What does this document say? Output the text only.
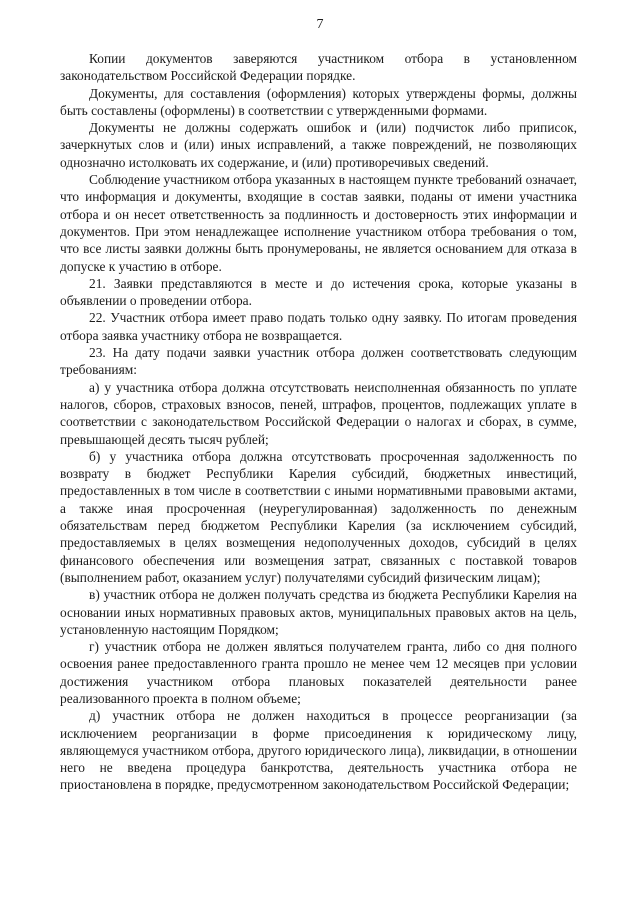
7

Копии документов заверяются участником отбора в установленном законодательством Российской Федерации порядке.

Документы, для составления (оформления) которых утверждены формы, должны быть составлены (оформлены) в соответствии с утвержденными формами.

Документы не должны содержать ошибок и (или) подчисток либо приписок, зачеркнутых слов и (или) иных исправлений, а также повреждений, не позволяющих однозначно истолковать их содержание, и (или) противоречивых сведений.

Соблюдение участником отбора указанных в настоящем пункте требований означает, что информация и документы, входящие в состав заявки, поданы от имени участника отбора и он несет ответственность за подлинность и достоверность этих информации и документов. При этом ненадлежащее исполнение участником отбора требования о том, что все листы заявки должны быть пронумерованы, не является основанием для отказа в допуске к участию в отборе.

21. Заявки представляются в месте и до истечения срока, которые указаны в объявлении о проведении отбора.

22. Участник отбора имеет право подать только одну заявку. По итогам проведения отбора заявка участнику отбора не возвращается.

23. На дату подачи заявки участник отбора должен соответствовать следующим требованиям:

а) у участника отбора должна отсутствовать неисполненная обязанность по уплате налогов, сборов, страховых взносов, пеней, штрафов, процентов, подлежащих уплате в соответствии с законодательством Российской Федерации о налогах и сборах, в сумме, превышающей десять тысяч рублей;

б) у участника отбора должна отсутствовать просроченная задолженность по возврату в бюджет Республики Карелия субсидий, бюджетных инвестиций, предоставленных в том числе в соответствии с иными нормативными правовыми актами, а также иная просроченная (неурегулированная) задолженность по денежным обязательствам перед бюджетом Республики Карелия (за исключением субсидий, предоставляемых в целях возмещения недополученных доходов, субсидий в целях финансового обеспечения или возмещения затрат, связанных с поставкой товаров (выполнением работ, оказанием услуг) получателями субсидий физическим лицам);

в) участник отбора не должен получать средства из бюджета Республики Карелия на основании иных нормативных правовых актов, муниципальных правовых актов на цель, установленную настоящим Порядком;

г) участник отбора не должен являться получателем гранта, либо со дня полного освоения ранее предоставленного гранта прошло не менее чем 12 месяцев при условии достижения участником отбора плановых показателей деятельности ранее реализованного проекта в полном объеме;

д) участник отбора не должен находиться в процессе реорганизации (за исключением реорганизации в форме присоединения к юридическому лицу, являющемуся участником отбора, другого юридического лица), ликвидации, в отношении него не введена процедура банкротства, деятельность участника отбора не приостановлена в порядке, предусмотренном законодательством Российской Федерации;
